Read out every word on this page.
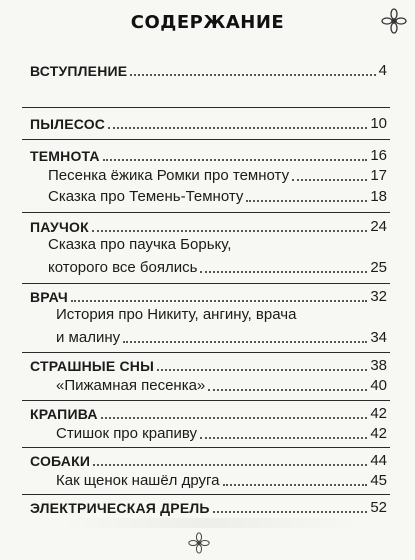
СОДЕРЖАНИЕ
ВСТУПЛЕНИЕ	4
ПЫЛЕСОС	10
ТЕМНОТА	16
Песенка ёжика Ромки про темноту	17
Сказка про Темень-Темноту	18
ПАУЧОК	24
Сказка про паучка Борьку,
которого все боялись	25
ВРАЧ	32
История про Никиту, ангину, врача
и малину	34
СТРАШНЫЕ СНЫ	38
«Пижамная песенка»	40
КРАПИВА	42
Стишок про крапиву	42
СОБАКИ	44
Как щенок нашёл друга	45
ЭЛЕКТРИЧЕСКАЯ ДРЕЛЬ	52
